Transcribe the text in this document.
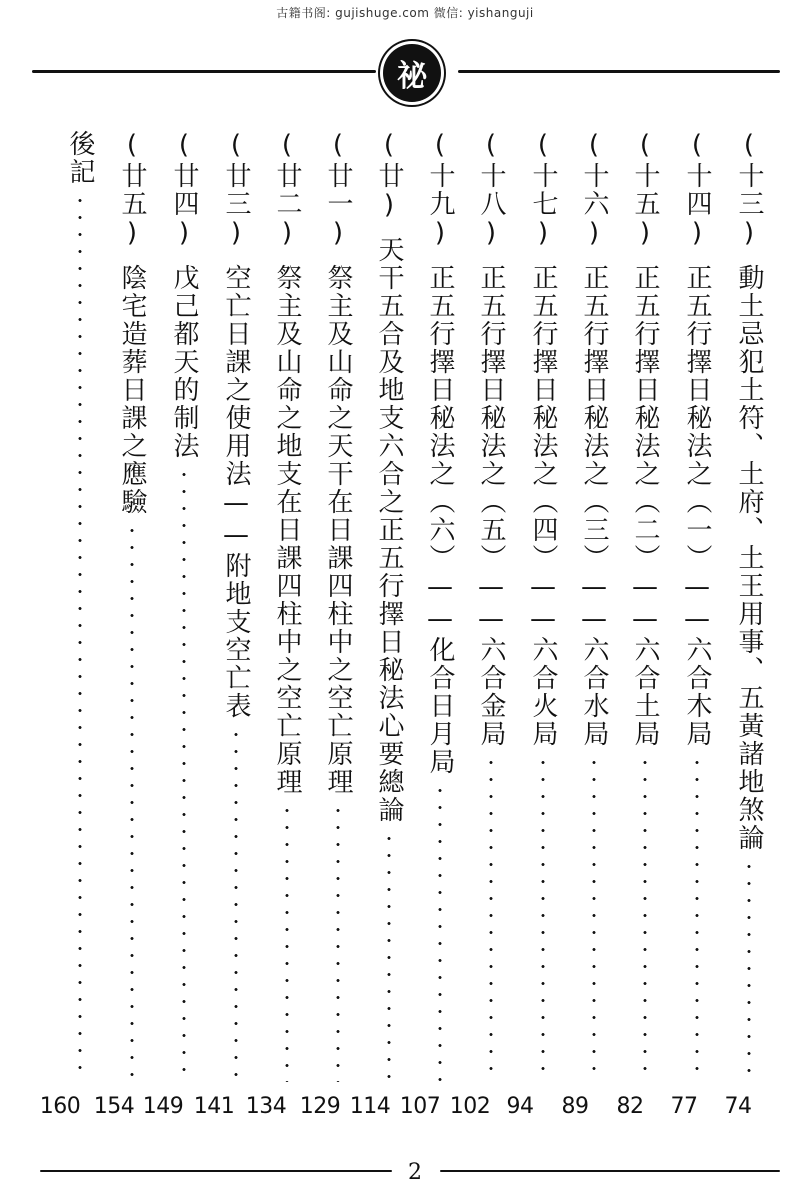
古籍书阁: gujishuge.com 微信: yishanguji
祕
(十三)
動土忌犯土符、土府、土王用事、五黃諸地煞論
74
(十四)
正五行擇日秘法之（一）——六合木局
77
(十五)
正五行擇日秘法之（二）——六合土局
82
(十六)
正五行擇日秘法之（三）——六合水局
89
(十七)
正五行擇日秘法之（四）——六合火局
94
(十八)
正五行擇日秘法之（五）——六合金局
102
(十九)
正五行擇日秘法之（六）——化合日月局
107
(廿)
天干五合及地支六合之正五行擇日秘法心要總論
114
(廿一)
祭主及山命之天干在日課四柱中之空亡原理
129
(廿二)
祭主及山命之地支在日課四柱中之空亡原理
134
(廿三)
空亡日課之使用法——附地支空亡表
141
(廿四)
戊己都天的制法
149
(廿五)
陰宅造葬日課之應驗
154
後記
160
2
